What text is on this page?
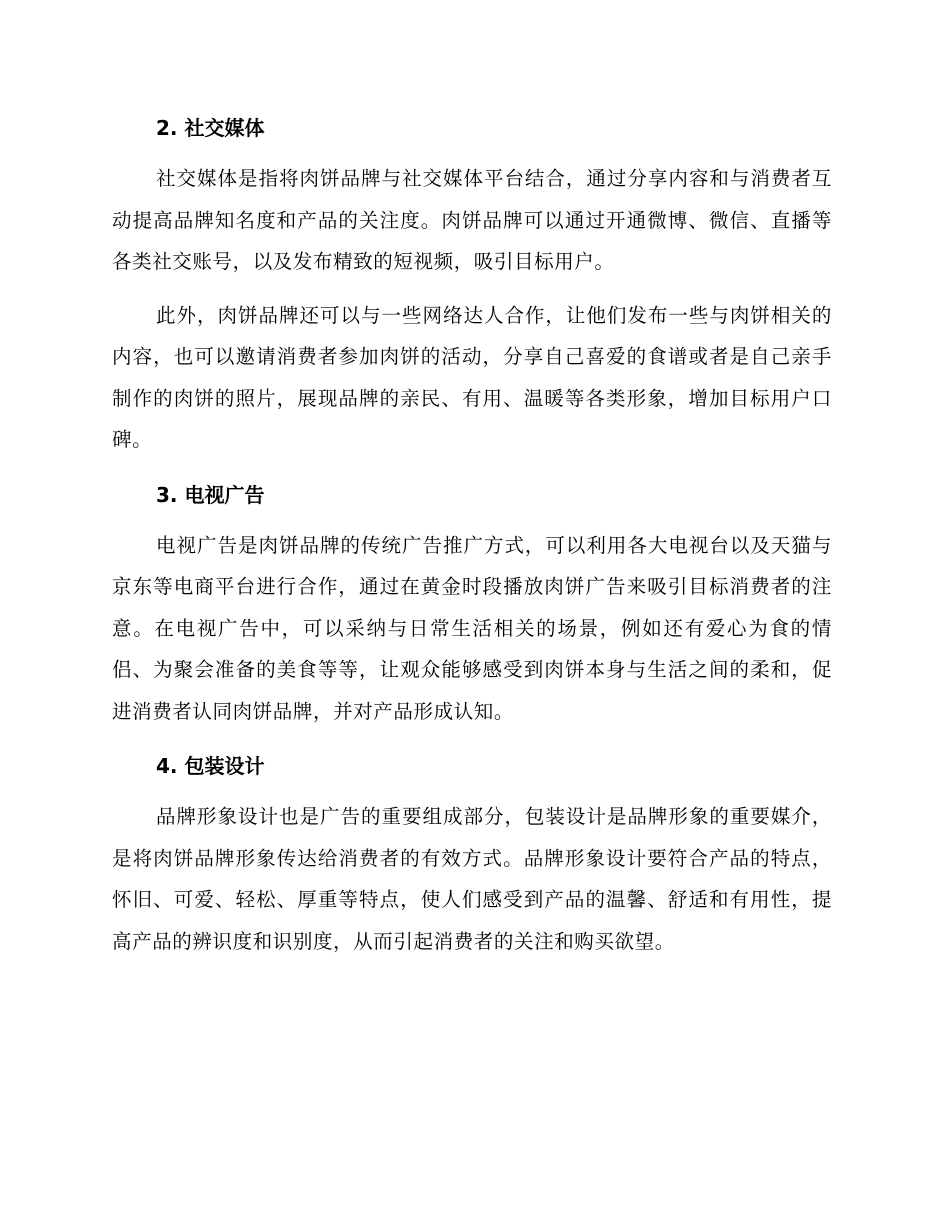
2. 社交媒体

社交媒体是指将肉饼品牌与社交媒体平台结合，通过分享内容和与消费者互动提高品牌知名度和产品的关注度。肉饼品牌可以通过开通微博、微信、直播等各类社交账号，以及发布精致的短视频，吸引目标用户。

此外，肉饼品牌还可以与一些网络达人合作，让他们发布一些与肉饼相关的内容，也可以邀请消费者参加肉饼的活动，分享自己喜爱的食谱或者是自己亲手制作的肉饼的照片，展现品牌的亲民、有用、温暖等各类形象，增加目标用户口碑。

3. 电视广告

电视广告是肉饼品牌的传统广告推广方式，可以利用各大电视台以及天猫与京东等电商平台进行合作，通过在黄金时段播放肉饼广告来吸引目标消费者的注意。在电视广告中，可以采纳与日常生活相关的场景，例如还有爱心为食的情侣、为聚会准备的美食等等，让观众能够感受到肉饼本身与生活之间的柔和，促进消费者认同肉饼品牌，并对产品形成认知。

4. 包装设计

品牌形象设计也是广告的重要组成部分，包装设计是品牌形象的重要媒介，是将肉饼品牌形象传达给消费者的有效方式。品牌形象设计要符合产品的特点，怀旧、可爱、轻松、厚重等特点，使人们感受到产品的温馨、舒适和有用性，提高产品的辨识度和识别度，从而引起消费者的关注和购买欲望。
